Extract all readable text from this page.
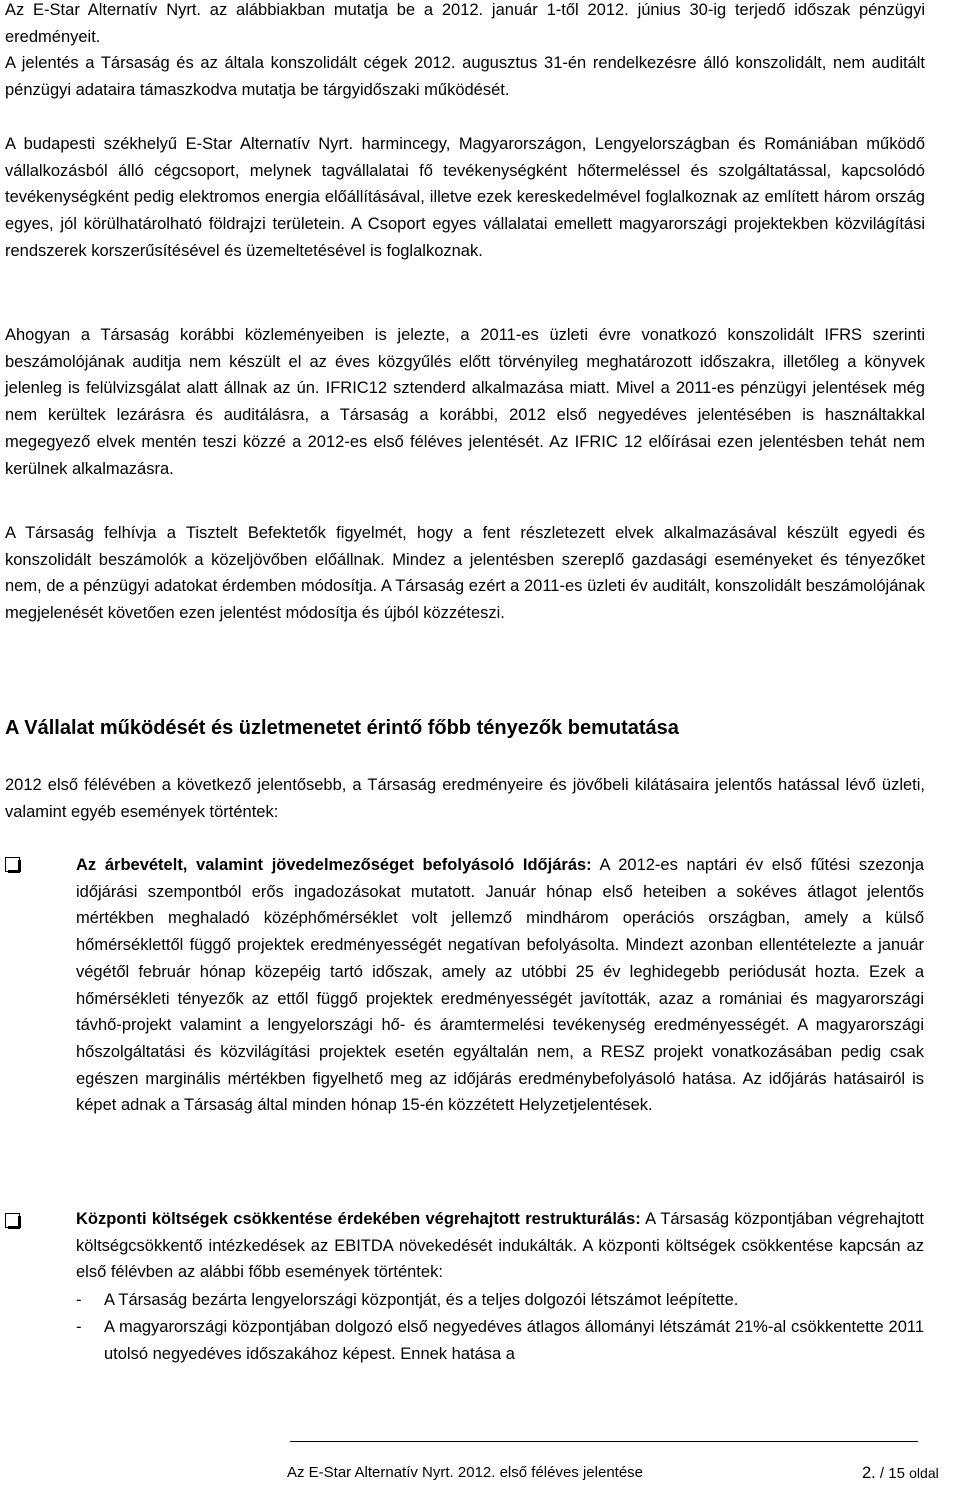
Az E-Star Alternatív Nyrt. az alábbiakban mutatja be a 2012. január 1-től 2012. június 30-ig terjedő időszak pénzügyi eredményeit.
A jelentés a Társaság és az általa konszolidált cégek 2012. augusztus 31-én rendelkezésre álló konszolidált, nem auditált pénzügyi adataira támaszkodva mutatja be tárgyidőszaki működését.
A budapesti székhelyű E-Star Alternatív Nyrt. harmincegy, Magyarországon, Lengyelországban és Romániában működő vállalkozásból álló cégcsoport, melynek tagvállalatai fő tevékenységként hőtermeléssel és szolgáltatással, kapcsolódó tevékenységként pedig elektromos energia előállításával, illetve ezek kereskedelmével foglalkoznak az említett három ország egyes, jól körülhatárolható földrajzi területein. A Csoport egyes vállalatai emellett magyarországi projektekben közvilágítási rendszerek korszerűsítésével és üzemeltetésével is foglalkoznak.
Ahogyan a Társaság korábbi közleményeiben is jelezte, a 2011-es üzleti évre vonatkozó konszolidált IFRS szerinti beszámolójának auditja nem készült el az éves közgyűlés előtt törvényileg meghatározott időszakra, illetőleg a könyvek jelenleg is felülvizsgálat alatt állnak az ún. IFRIC12 sztenderd alkalmazása miatt. Mivel a 2011-es pénzügyi jelentések még nem kerültek lezárásra és auditálásra, a Társaság a korábbi, 2012 első negyedéves jelentésében is használtakkal megegyező elvek mentén teszi közzé a 2012-es első féléves jelentését. Az IFRIC 12 előírásai ezen jelentésben tehát nem kerülnek alkalmazásra.
A Társaság felhívja a Tisztelt Befektetők figyelmét, hogy a fent részletezett elvek alkalmazásával készült egyedi és konszolidált beszámolók a közeljövőben előállnak. Mindez a jelentésben szereplő gazdasági eseményeket és tényezőket nem, de a pénzügyi adatokat érdemben módosítja. A Társaság ezért a 2011-es üzleti év auditált, konszolidált beszámolójának megjelenését követően ezen jelentést módosítja és újból közzéteszi.
A Vállalat működését és üzletmenetet érintő főbb tényezők bemutatása
2012 első félévében a következő jelentősebb, a Társaság eredményeire és jövőbeli kilátásaira jelentős hatással lévő üzleti, valamint egyéb események történtek:
Az árbevételt, valamint jövedelmezőséget befolyásoló Időjárás: A 2012-es naptári év első fűtési szezonja időjárási szempontból erős ingadozásokat mutatott. Január hónap első heteiben a sokéves átlagot jelentős mértékben meghaladó középhőmérséklet volt jellemző mindhárom operációs országban, amely a külső hőmérséklettől függő projektek eredményességét negatívan befolyásolta. Mindezt azonban ellentételezte a január végétől február hónap közepéig tartó időszak, amely az utóbbi 25 év leghidegebb periódusát hozta. Ezek a hőmérsékleti tényezők az ettől függő projektek eredményességét javították, azaz a romániai és magyarországi távhő-projekt valamint a lengyelországi hő- és áramtermelési tevékenység eredményességét. A magyarországi hőszolgáltatási és közvilágítási projektek esetén egyáltalán nem, a RESZ projekt vonatkozásában pedig csak egészen marginális mértékben figyelhető meg az időjárás eredménybefolyásoló hatása. Az időjárás hatásairól is képet adnak a Társaság által minden hónap 15-én közzétett Helyzetjelentések.
Központi költségek csökkentése érdekében végrehajtott restrukturálás: A Társaság központjában végrehajtott költségcsökkentő intézkedések az EBITDA növekedését indukálták. A központi költségek csökkentése kapcsán az első félévben az alábbi főbb események történtek:
- A Társaság bezárta lengyelországi központját, és a teljes dolgozói létszámot leépítette.
- A magyarországi központjában dolgozó első negyedéves átlagos állományi létszámát 21%-al csökkentette 2011 utolsó negyedéves időszakához képest. Ennek hatása a
Az E-Star Alternatív Nyrt. 2012. első féléves jelentése	2. / 15 oldal
